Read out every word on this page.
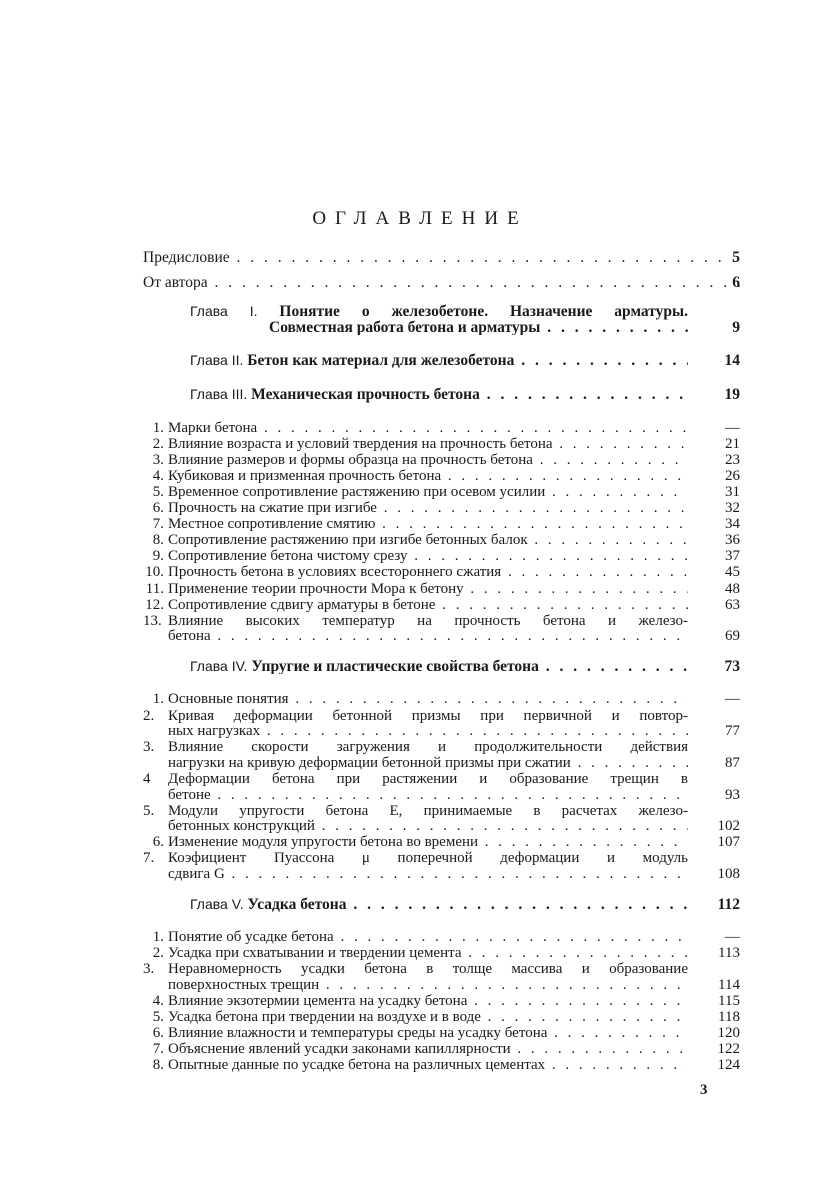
ОГЛАВЛЕНИЕ
Предисловие . . .	5
От автора . . .	6
Глава I. Понятие о железобетоне. Назначение арматуры.
Совместная работа бетона и арматуры . . .	9
Глава II. Бетон как материал для железобетона . . .	14
Глава III. Механическая прочность бетона . . .	19
1. Марки бетона . . .	—
2. Влияние возраста и условий твердения на прочность бетона . . .	21
3. Влияние размеров и формы образца на прочность бетона . . .	23
4. Кубиковая и призменная прочность бетона . . .	26
5. Временное сопротивление растяжению при осевом усилии . . .	31
6. Прочность на сжатие при изгибе . . .	32
7. Местное сопротивление смятию . . .	34
8. Сопротивление растяжению при изгибе бетонных балок . . .	36
9. Сопротивление бетона чистому срезу . . .	37
10. Прочность бетона в условиях всестороннего сжатия . . .	45
11. Применение теории прочности Мора к бетону . . .	48
12. Сопротивление сдвигу арматуры в бетоне . . .	63
13. Влияние высоких температур на прочность бетона и железо-
бетона . . .	69
Глава IV. Упругие и пластические свойства бетона . . .	73
1. Основные понятия . . .	—
2. Кривая деформации бетонной призмы при первичной и повтор-
ных нагрузках . . .	77
3. Влияние скорости загружения и продолжительности действия
нагрузки на кривую деформации бетонной призмы при сжатии . . .	87
4 Деформации бетона при растяжении и образование трещин в
бетоне . . .	93
5. Модули упругости бетона E, принимаемые в расчетах железо-
бетонных конструкций . . .	102
6. Изменение модуля упругости бетона во времени . . .	107
7. Коэфициент Пуассона μ поперечной деформации и модуль
сдвига G . . .	108
Глава V. Усадка бетона . . .	112
1. Понятие об усадке бетона . . .	—
2. Усадка при схватывании и твердении цемента . . .	113
3. Неравномерность усадки бетона в толще массива и образование
поверхностных трещин . . .	114
4. Влияние экзотермии цемента на усадку бетона . . .	115
5. Усадка бетона при твердении на воздухе и в воде . . .	118
6. Влияние влажности и температуры среды на усадку бетона . . .	120
7. Объяснение явлений усадки законами капиллярности . . .	122
8. Опытные данные по усадке бетона на различных цементах . . .	124
3
